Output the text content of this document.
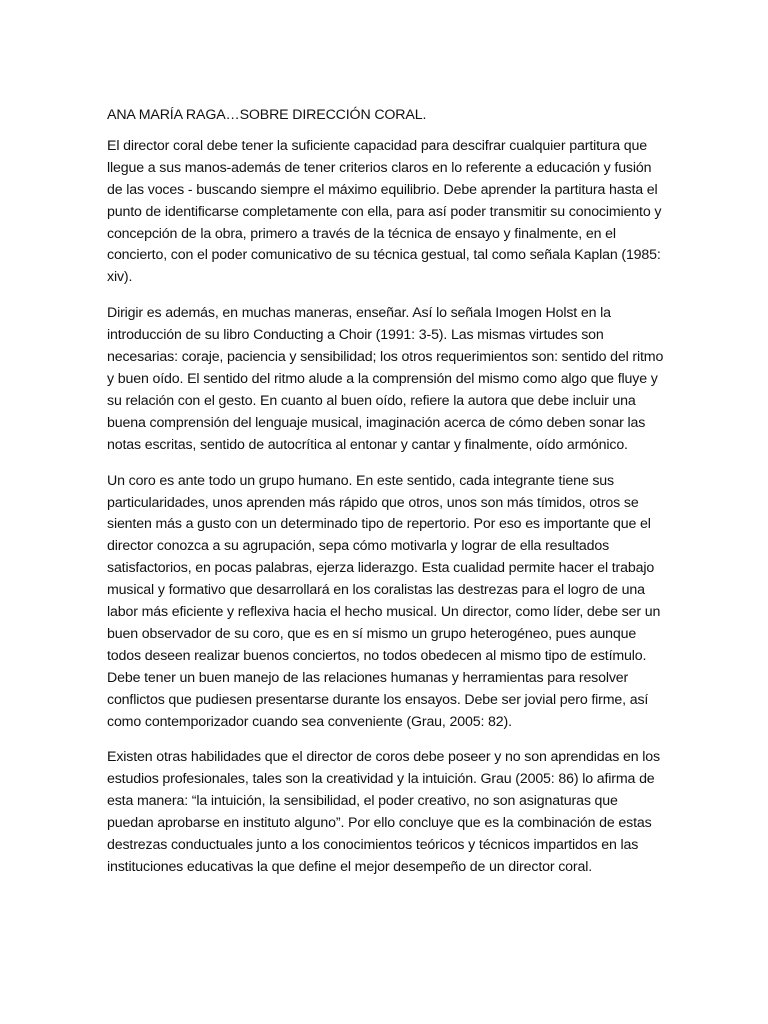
ANA MARÍA RAGA…SOBRE DIRECCIÓN CORAL.

El director coral debe tener la suficiente capacidad para descifrar cualquier partitura que llegue a sus manos-además de tener criterios claros en lo referente a educación y fusión de las voces - buscando siempre el máximo equilibrio. Debe aprender la partitura hasta el punto de identificarse completamente con ella, para así poder transmitir su conocimiento y concepción de la obra, primero a través de la técnica de ensayo y finalmente, en el concierto, con el poder comunicativo de su técnica gestual, tal como señala Kaplan (1985: xiv).

Dirigir es además, en muchas maneras, enseñar. Así lo señala Imogen Holst en la introducción de su libro Conducting a Choir (1991: 3-5). Las mismas virtudes son necesarias: coraje, paciencia y sensibilidad; los otros requerimientos son: sentido del ritmo y buen oído. El sentido del ritmo alude a la comprensión del mismo como algo que fluye y su relación con el gesto. En cuanto al buen oído, refiere la autora que debe incluir una buena comprensión del lenguaje musical, imaginación acerca de cómo deben sonar las notas escritas, sentido de autocrítica al entonar y cantar y finalmente, oído armónico.

Un coro es ante todo un grupo humano. En este sentido, cada integrante tiene sus particularidades, unos aprenden más rápido que otros, unos son más tímidos, otros se sienten más a gusto con un determinado tipo de repertorio. Por eso es importante que el director conozca a su agrupación, sepa cómo motivarla y lograr de ella resultados satisfactorios, en pocas palabras, ejerza liderazgo. Esta cualidad permite hacer el trabajo musical y formativo que desarrollará en los coralistas las destrezas para el logro de una labor más eficiente y reflexiva hacia el hecho musical. Un director, como líder, debe ser un buen observador de su coro, que es en sí mismo un grupo heterogéneo, pues aunque todos deseen realizar buenos conciertos, no todos obedecen al mismo tipo de estímulo. Debe tener un buen manejo de las relaciones humanas y herramientas para resolver conflictos que pudiesen presentarse durante los ensayos. Debe ser jovial pero firme, así como contemporizador cuando sea conveniente (Grau, 2005: 82).

Existen otras habilidades que el director de coros debe poseer y no son aprendidas en los estudios profesionales, tales son la creatividad y la intuición. Grau (2005: 86) lo afirma de esta manera: “la intuición, la sensibilidad, el poder creativo, no son asignaturas que puedan aprobarse en instituto alguno”. Por ello concluye que es la combinación de estas destrezas conductuales junto a los conocimientos teóricos y técnicos impartidos en las instituciones educativas la que define el mejor desempeño de un director coral.
